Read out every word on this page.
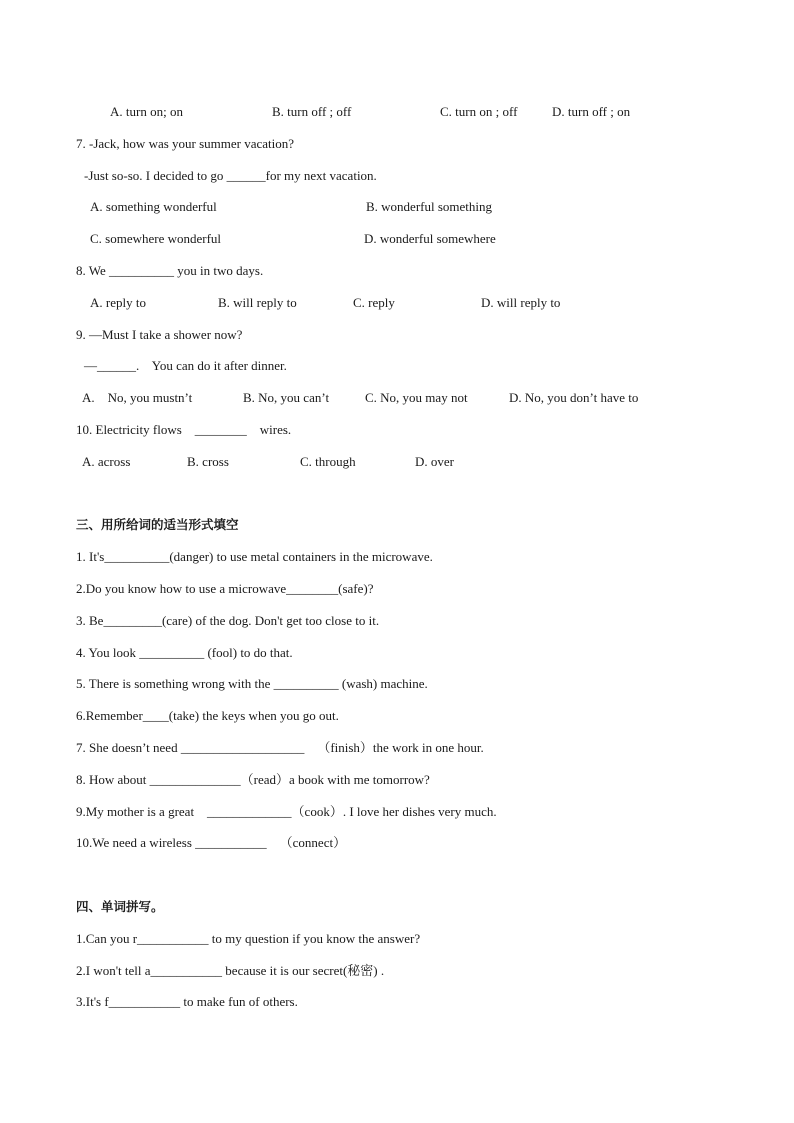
A. turn on; on	B. turn off ; off	C. turn on ; off	D. turn off ; on
7. -Jack, how was your summer vacation?
-Just so-so. I decided to go ______for my next vacation.
A. something wonderful	B. wonderful something
C. somewhere wonderful	D. wonderful somewhere
8. We __________ you in two days.
A. reply to	B. will reply to	C. reply	D. will reply to
9. —Must I take a shower now?
—______.    You can do it after dinner.
A.    No, you mustn’t	B. No, you can’t	C. No, you may not	D. No, you don’t have to
10. Electricity flows    ________    wires.
A. across	B. cross	C. through	D. over
三、用所给词的适当形式填空
1. It's__________(danger) to use metal containers in the microwave.
2.Do you know how to use a microwave________(safe)?
3. Be_________(care) of the dog. Don't get too close to it.
4. You look __________ (fool) to do that.
5. There is something wrong with the __________ (wash) machine.
6.Remember____(take) the keys when you go out.
7. She doesn’t need ___________________    （finish）the work in one hour.
8. How about ______________（read）a book with me tomorrow?
9.My mother is a great    _____________（cook）. I love her dishes very much.
10.We need a wireless ___________    （connect）
四、单词拼写。
1.Can you r___________ to my question if you know the answer?
2.I won't tell a___________ because it is our secret(秘密) .
3.It's f___________ to make fun of others.
